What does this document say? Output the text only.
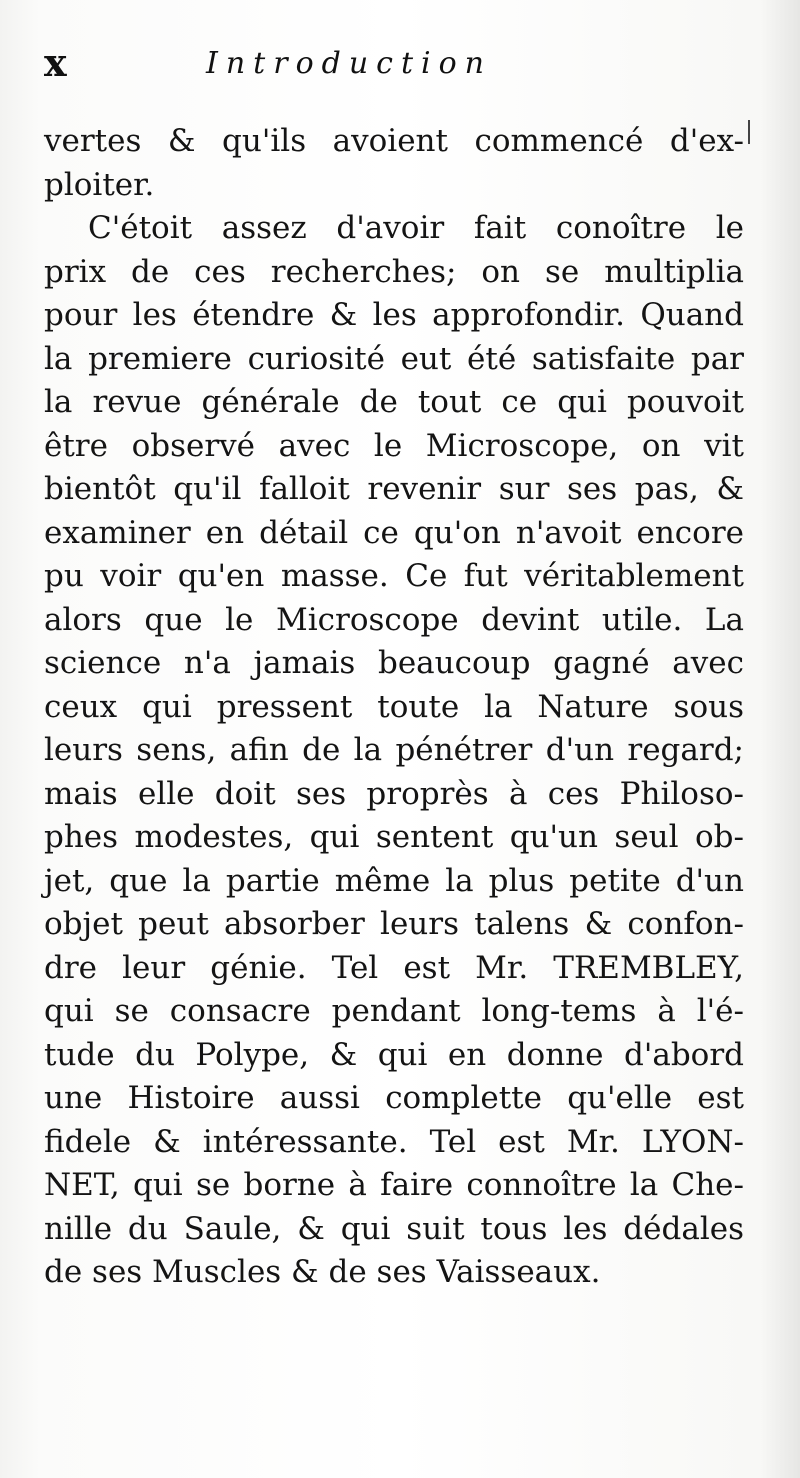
x	Introduction
vertes & qu'ils avoient commencé d'ex-
ploiter.
C'étoit assez d'avoir fait conoître le
prix de ces recherches; on se multiplia
pour les étendre & les approfondir. Quand
la premiere curiosité eut été satisfaite par
la revue générale de tout ce qui pouvoit
être observé avec le Microscope, on vit
bientôt qu'il falloit revenir sur ses pas, &
examiner en détail ce qu'on n'avoit encore
pu voir qu'en masse. Ce fut véritablement
alors que le Microscope devint utile. La
science n'a jamais beaucoup gagné avec
ceux qui pressent toute la Nature sous
leurs sens, afin de la pénétrer d'un regard;
mais elle doit ses proprès à ces Philoso-
phes modestes, qui sentent qu'un seul ob-
jet, que la partie même la plus petite d'un
objet peut absorber leurs talens & confon-
dre leur génie. Tel est Mr. TREMBLEY,
qui se consacre pendant long-tems à l'é-
tude du Polype, & qui en donne d'abord
une Histoire aussi complette qu'elle est
fidele & intéressante. Tel est Mr. LYON-
NET, qui se borne à faire connoître la Che-
nille du Saule, & qui suit tous les dédales
de ses Muscles & de ses Vaisseaux.
